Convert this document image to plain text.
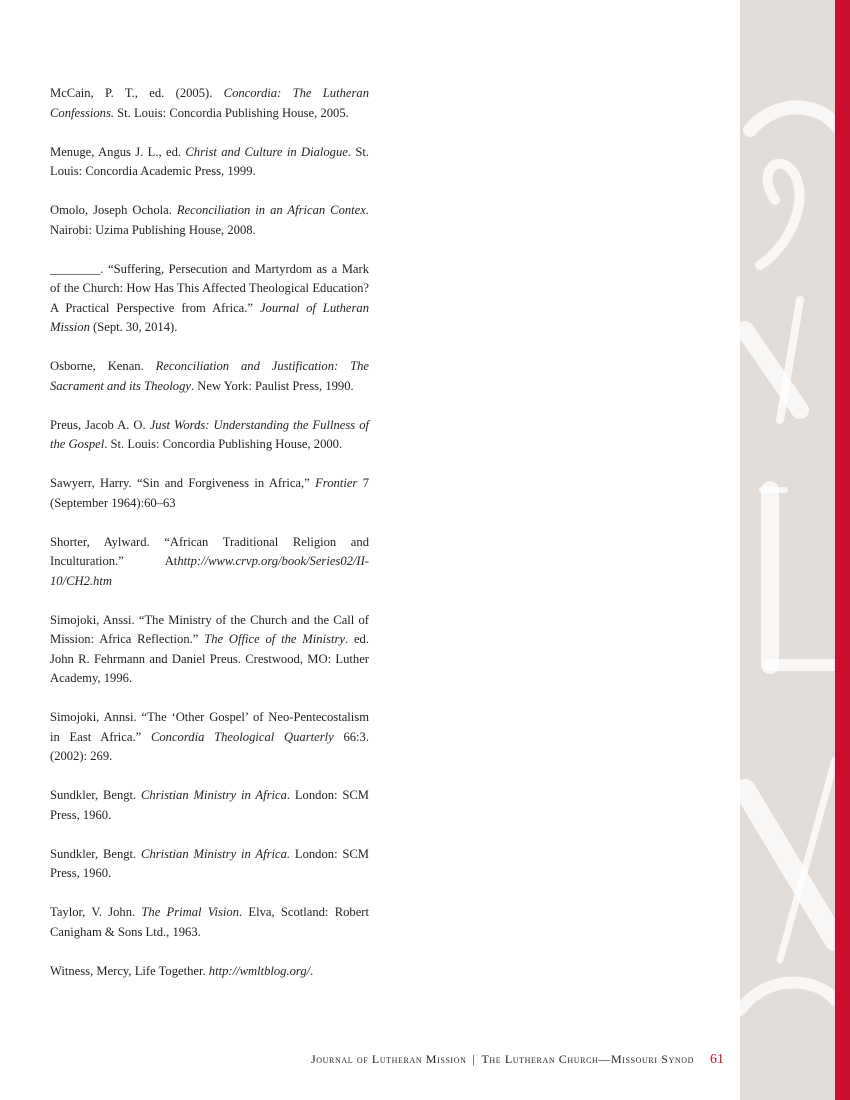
McCain, P. T., ed. (2005). Concordia: The Lutheran Confessions. St. Louis: Concordia Publishing House, 2005.

Menuge, Angus J. L., ed. Christ and Culture in Dialogue. St. Louis: Concordia Academic Press, 1999.

Omolo, Joseph Ochola. Reconciliation in an African Contex. Nairobi: Uzima Publishing House, 2008.

________. “Suffering, Persecution and Martyrdom as a Mark of the Church: How Has This Affected Theological Education? A Practical Perspective from Africa.” Journal of Lutheran Mission (Sept. 30, 2014).

Osborne, Kenan. Reconciliation and Justification: The Sacrament and its Theology. New York: Paulist Press, 1990.

Preus, Jacob A. O. Just Words: Understanding the Fullness of the Gospel. St. Louis: Concordia Publishing House, 2000.

Sawyerr, Harry. “Sin and Forgiveness in Africa,” Frontier 7 (September 1964):60–63

Shorter, Aylward. “African Traditional Religion and Inculturation.” Athttp://www.crvp.org/book/Series02/II-10/CH2.htm

Simojoki, Anssi. “The Ministry of the Church and the Call of Mission: Africa Reflection.” The Office of the Ministry. ed. John R. Fehrmann and Daniel Preus. Crestwood, MO: Luther Academy, 1996.

Simojoki, Annsi. “The ‘Other Gospel’ of Neo-Pentecostalism in East Africa.” Concordia Theological Quarterly 66:3. (2002): 269.

Sundkler, Bengt. Christian Ministry in Africa. London: SCM Press, 1960.

Sundkler, Bengt. Christian Ministry in Africa. London: SCM Press, 1960.

Taylor, V. John. The Primal Vision. Elva, Scotland: Robert Canigham & Sons Ltd., 1963.

Witness, Mercy, Life Together. http://wmltblog.org/.

Journal of Lutheran Mission | The Lutheran Church—Missouri Synod 61
